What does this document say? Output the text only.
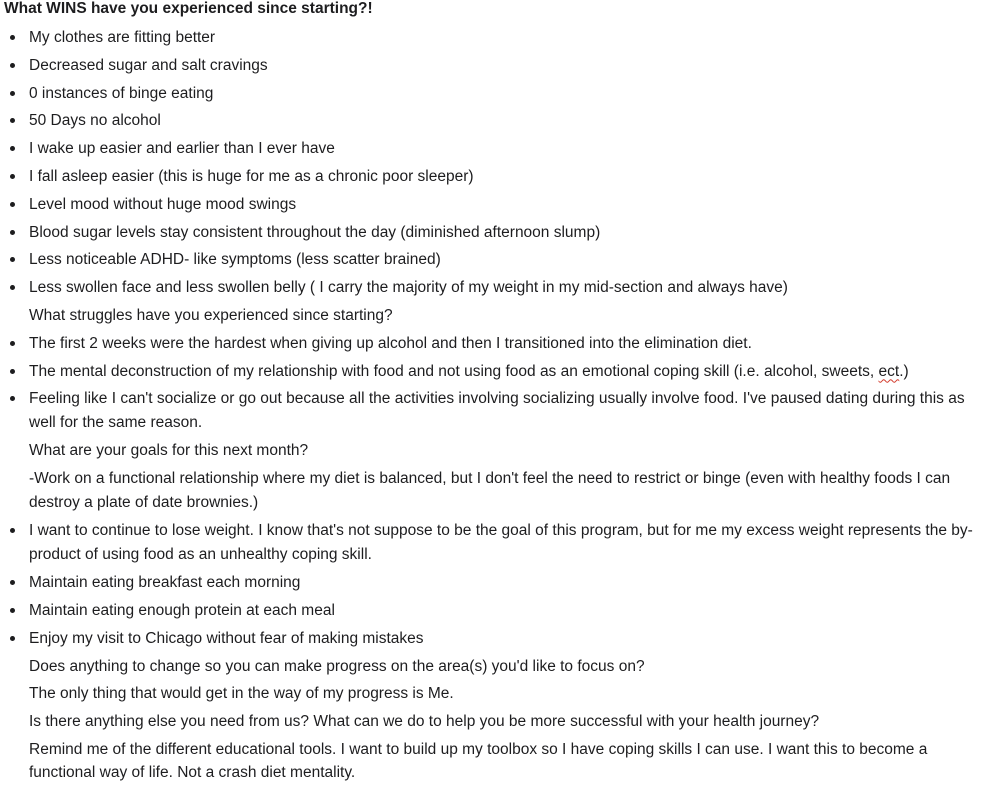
What WINS have you experienced since starting?!
My clothes are fitting better
Decreased sugar and salt cravings
0 instances of binge eating
50 Days no alcohol
I wake up easier and earlier than I ever have
I fall asleep easier (this is huge for me as a chronic poor sleeper)
Level mood without huge mood swings
Blood sugar levels stay consistent throughout the day (diminished afternoon slump)
Less noticeable ADHD- like symptoms (less scatter brained)
Less swollen face and less swollen belly ( I carry the majority of my weight in my mid-section and always have)
What struggles have you experienced since starting?
The first 2 weeks were the hardest when giving up alcohol and then I transitioned into the elimination diet.
The mental deconstruction of my relationship with food and not using food as an emotional coping skill (i.e. alcohol, sweets, ect.)
Feeling like I can't socialize or go out because all the activities involving socializing usually involve food. I've paused dating during this as well for the same reason.
What are your goals for this next month?
-Work on a functional relationship where my diet is balanced, but I don't feel the need to restrict or binge (even with healthy foods I can destroy a plate of date brownies.)
I want to continue to lose weight. I know that's not suppose to be the goal of this program, but for me my excess weight represents the by-product of using food as an unhealthy coping skill.
Maintain eating breakfast each morning
Maintain eating enough protein at each meal
Enjoy my visit to Chicago without fear of making mistakes
Does anything to change so you can make progress on the area(s) you'd like to focus on?
The only thing that would get in the way of my progress is Me.
Is there anything else you need from us? What can we do to help you be more successful with your health journey?
Remind me of the different educational tools. I want to build up my toolbox so I have coping skills I can use. I want this to become a functional way of life. Not a crash diet mentality.
